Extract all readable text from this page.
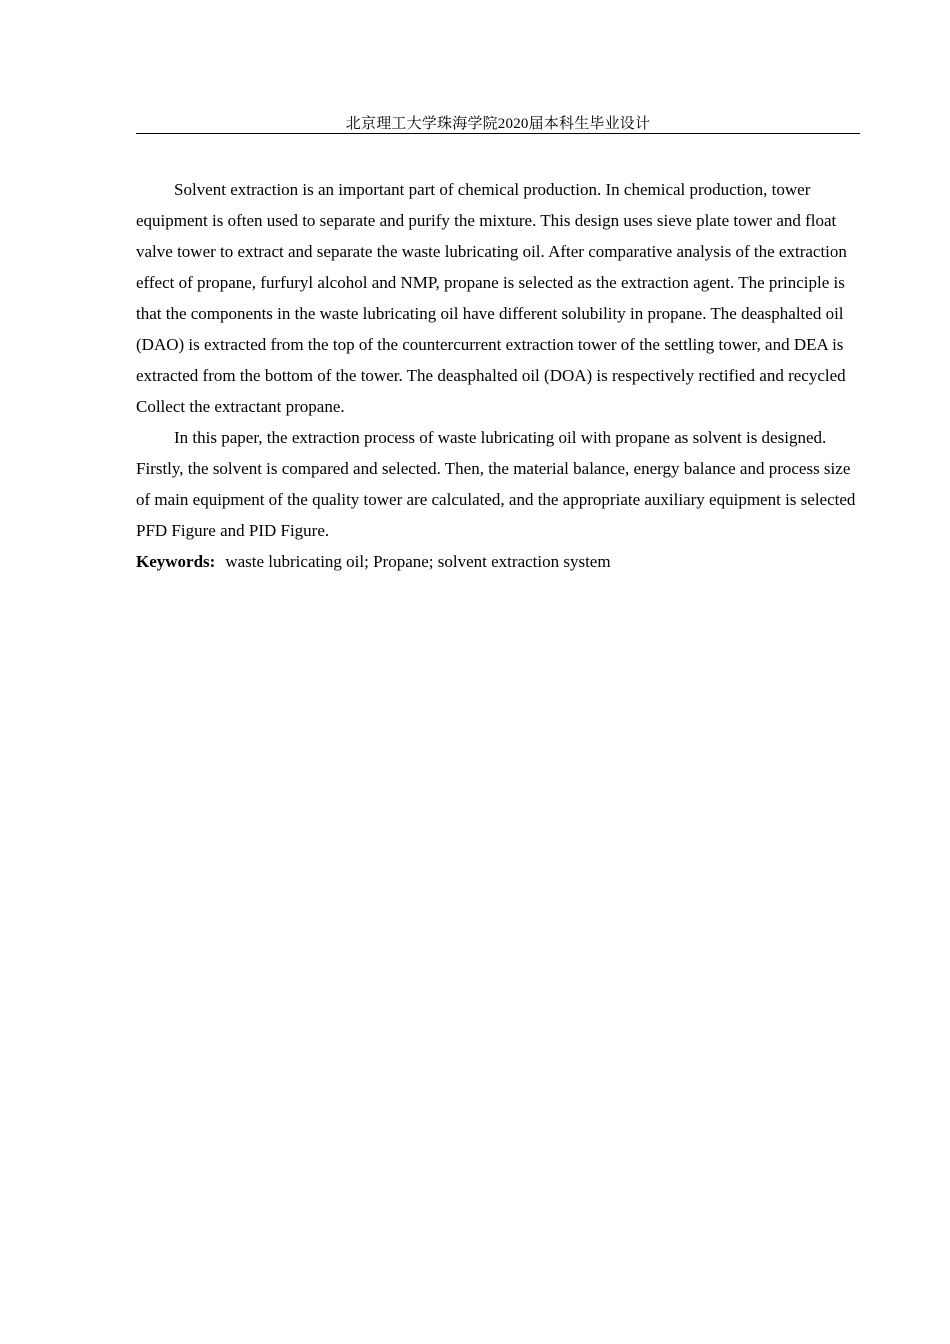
北京理工大学珠海学院2020届本科生毕业设计

Solvent extraction is an important part of chemical production. In chemical production, tower equipment is often used to separate and purify the mixture. This design uses sieve plate tower and float valve tower to extract and separate the waste lubricating oil. After comparative analysis of the extraction effect of propane, furfuryl alcohol and NMP, propane is selected as the extraction agent. The principle is that the components in the waste lubricating oil have different solubility in propane. The deasphalted oil (DAO) is extracted from the top of the countercurrent extraction tower of the settling tower, and DEA is extracted from the bottom of the tower. The deasphalted oil (DOA) is respectively rectified and recycled Collect the extractant propane.

In this paper, the extraction process of waste lubricating oil with propane as solvent is designed. Firstly, the solvent is compared and selected. Then, the material balance, energy balance and process size of main equipment of the quality tower are calculated, and the appropriate auxiliary equipment is selected PFD Figure and PID Figure.

Keywords: waste lubricating oil; Propane; solvent extraction system
